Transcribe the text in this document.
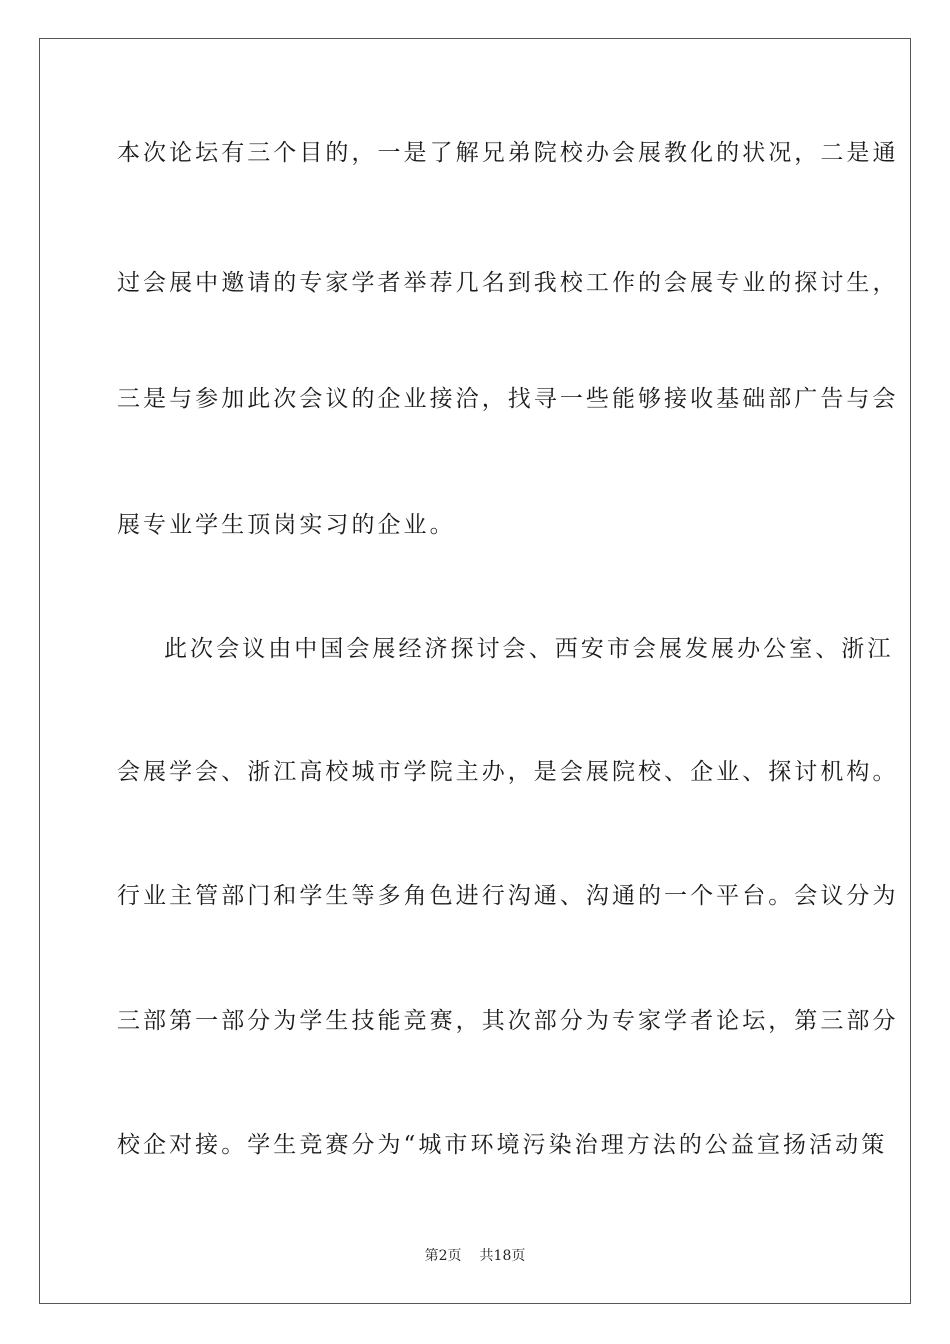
本次论坛有三个目的，一是了解兄弟院校办会展教化的状况，二是通
过会展中邀请的专家学者举荐几名到我校工作的会展专业的探讨生，
三是与参加此次会议的企业接洽，找寻一些能够接收基础部广告与会
展专业学生顶岗实习的企业。
此次会议由中国会展经济探讨会、西安市会展发展办公室、浙江
会展学会、浙江高校城市学院主办，是会展院校、企业、探讨机构。
行业主管部门和学生等多角色进行沟通、沟通的一个平台。会议分为
三部第一部分为学生技能竞赛，其次部分为专家学者论坛，第三部分
校企对接。学生竞赛分为“城市环境污染治理方法的公益宣扬活动策
第2页 共18页
